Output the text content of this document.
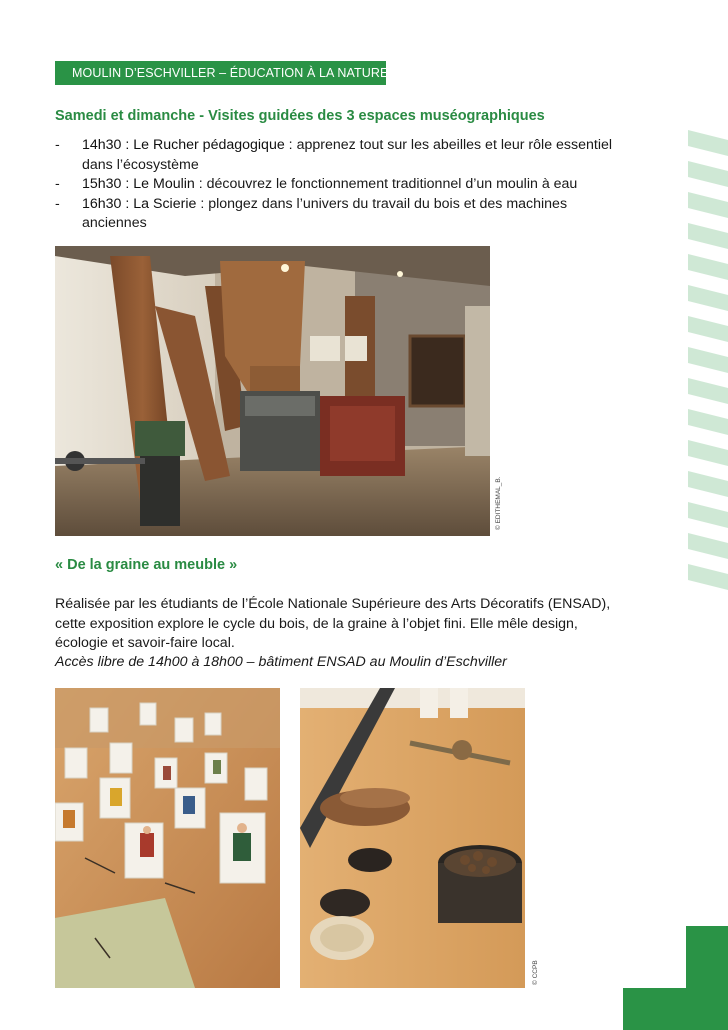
MOULIN D’ESCHVILLER – ÉDUCATION À LA NATURE
Samedi et dimanche - Visites guidées des 3 espaces muséographiques
- 14h30 : Le Rucher pédagogique : apprenez tout sur les abeilles et leur rôle essentiel dans l’écosystème
- 15h30 : Le Moulin : découvrez le fonctionnement traditionnel d’un moulin à eau
- 16h30 : La Scierie : plongez dans l’univers du travail du bois et des machines anciennes
© EDITHEMAL_B.
« De la graine au meuble »

Réalisée par les étudiants de l’École Nationale Supérieure des Arts Décoratifs (ENSAD), cette exposition explore le cycle du bois, de la graine à l’objet fini. Elle mêle design, écologie et savoir-faire local.

Accès libre de 14h00 à 18h00 – bâtiment ENSAD au Moulin d’Eschviller

© CCPB
